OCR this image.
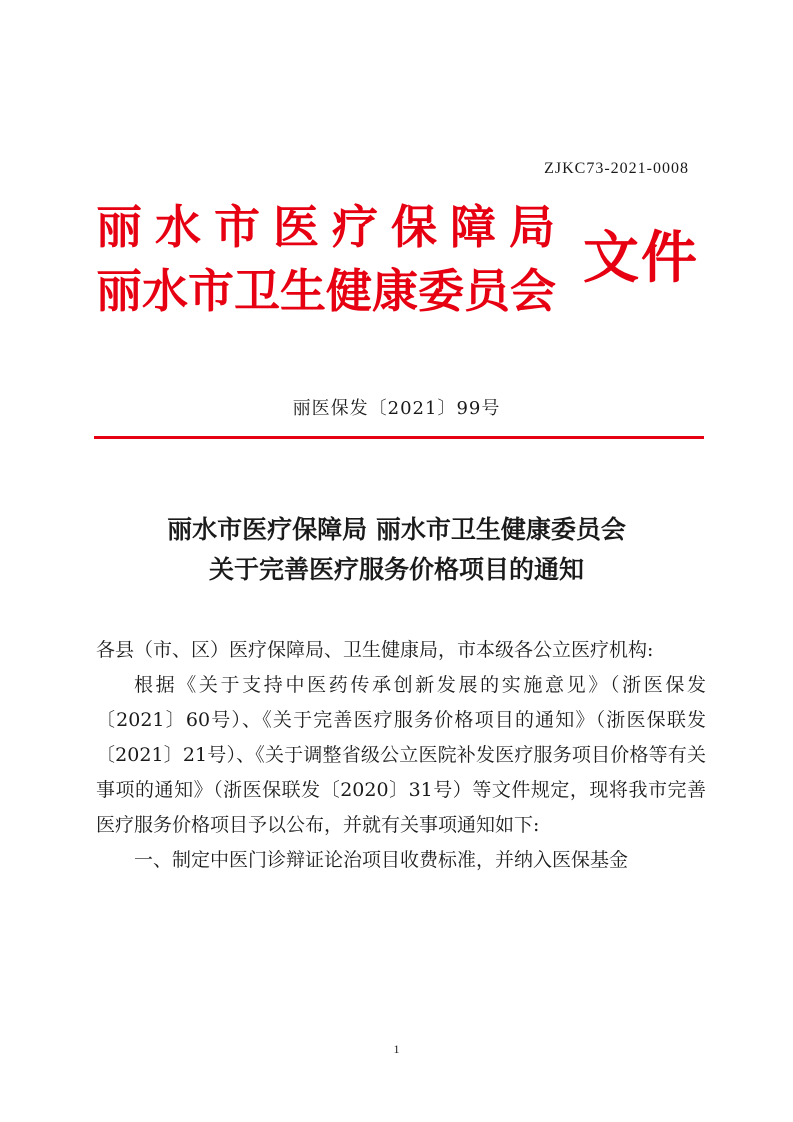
ZJKC73-2021-0008
丽水市医疗保障局
丽水市卫生健康委员会 文件
丽医保发〔2021〕99号
丽水市医疗保障局 丽水市卫生健康委员会
关于完善医疗服务价格项目的通知

各县（市、区）医疗保障局、卫生健康局，市本级各公立医疗机构:

根据《关于支持中医药传承创新发展的实施意见》（浙医保发〔2021〕60号）、《关于完善医疗服务价格项目的通知》（浙医保联发〔2021〕21号）、《关于调整省级公立医院补发医疗服务项目价格等有关事项的通知》（浙医保联发〔2020〕31号）等文件规定，现将我市完善医疗服务价格项目予以公布，并就有关事项通知如下:

一、制定中医门诊辩证论治项目收费标准，并纳入医保基金

1
